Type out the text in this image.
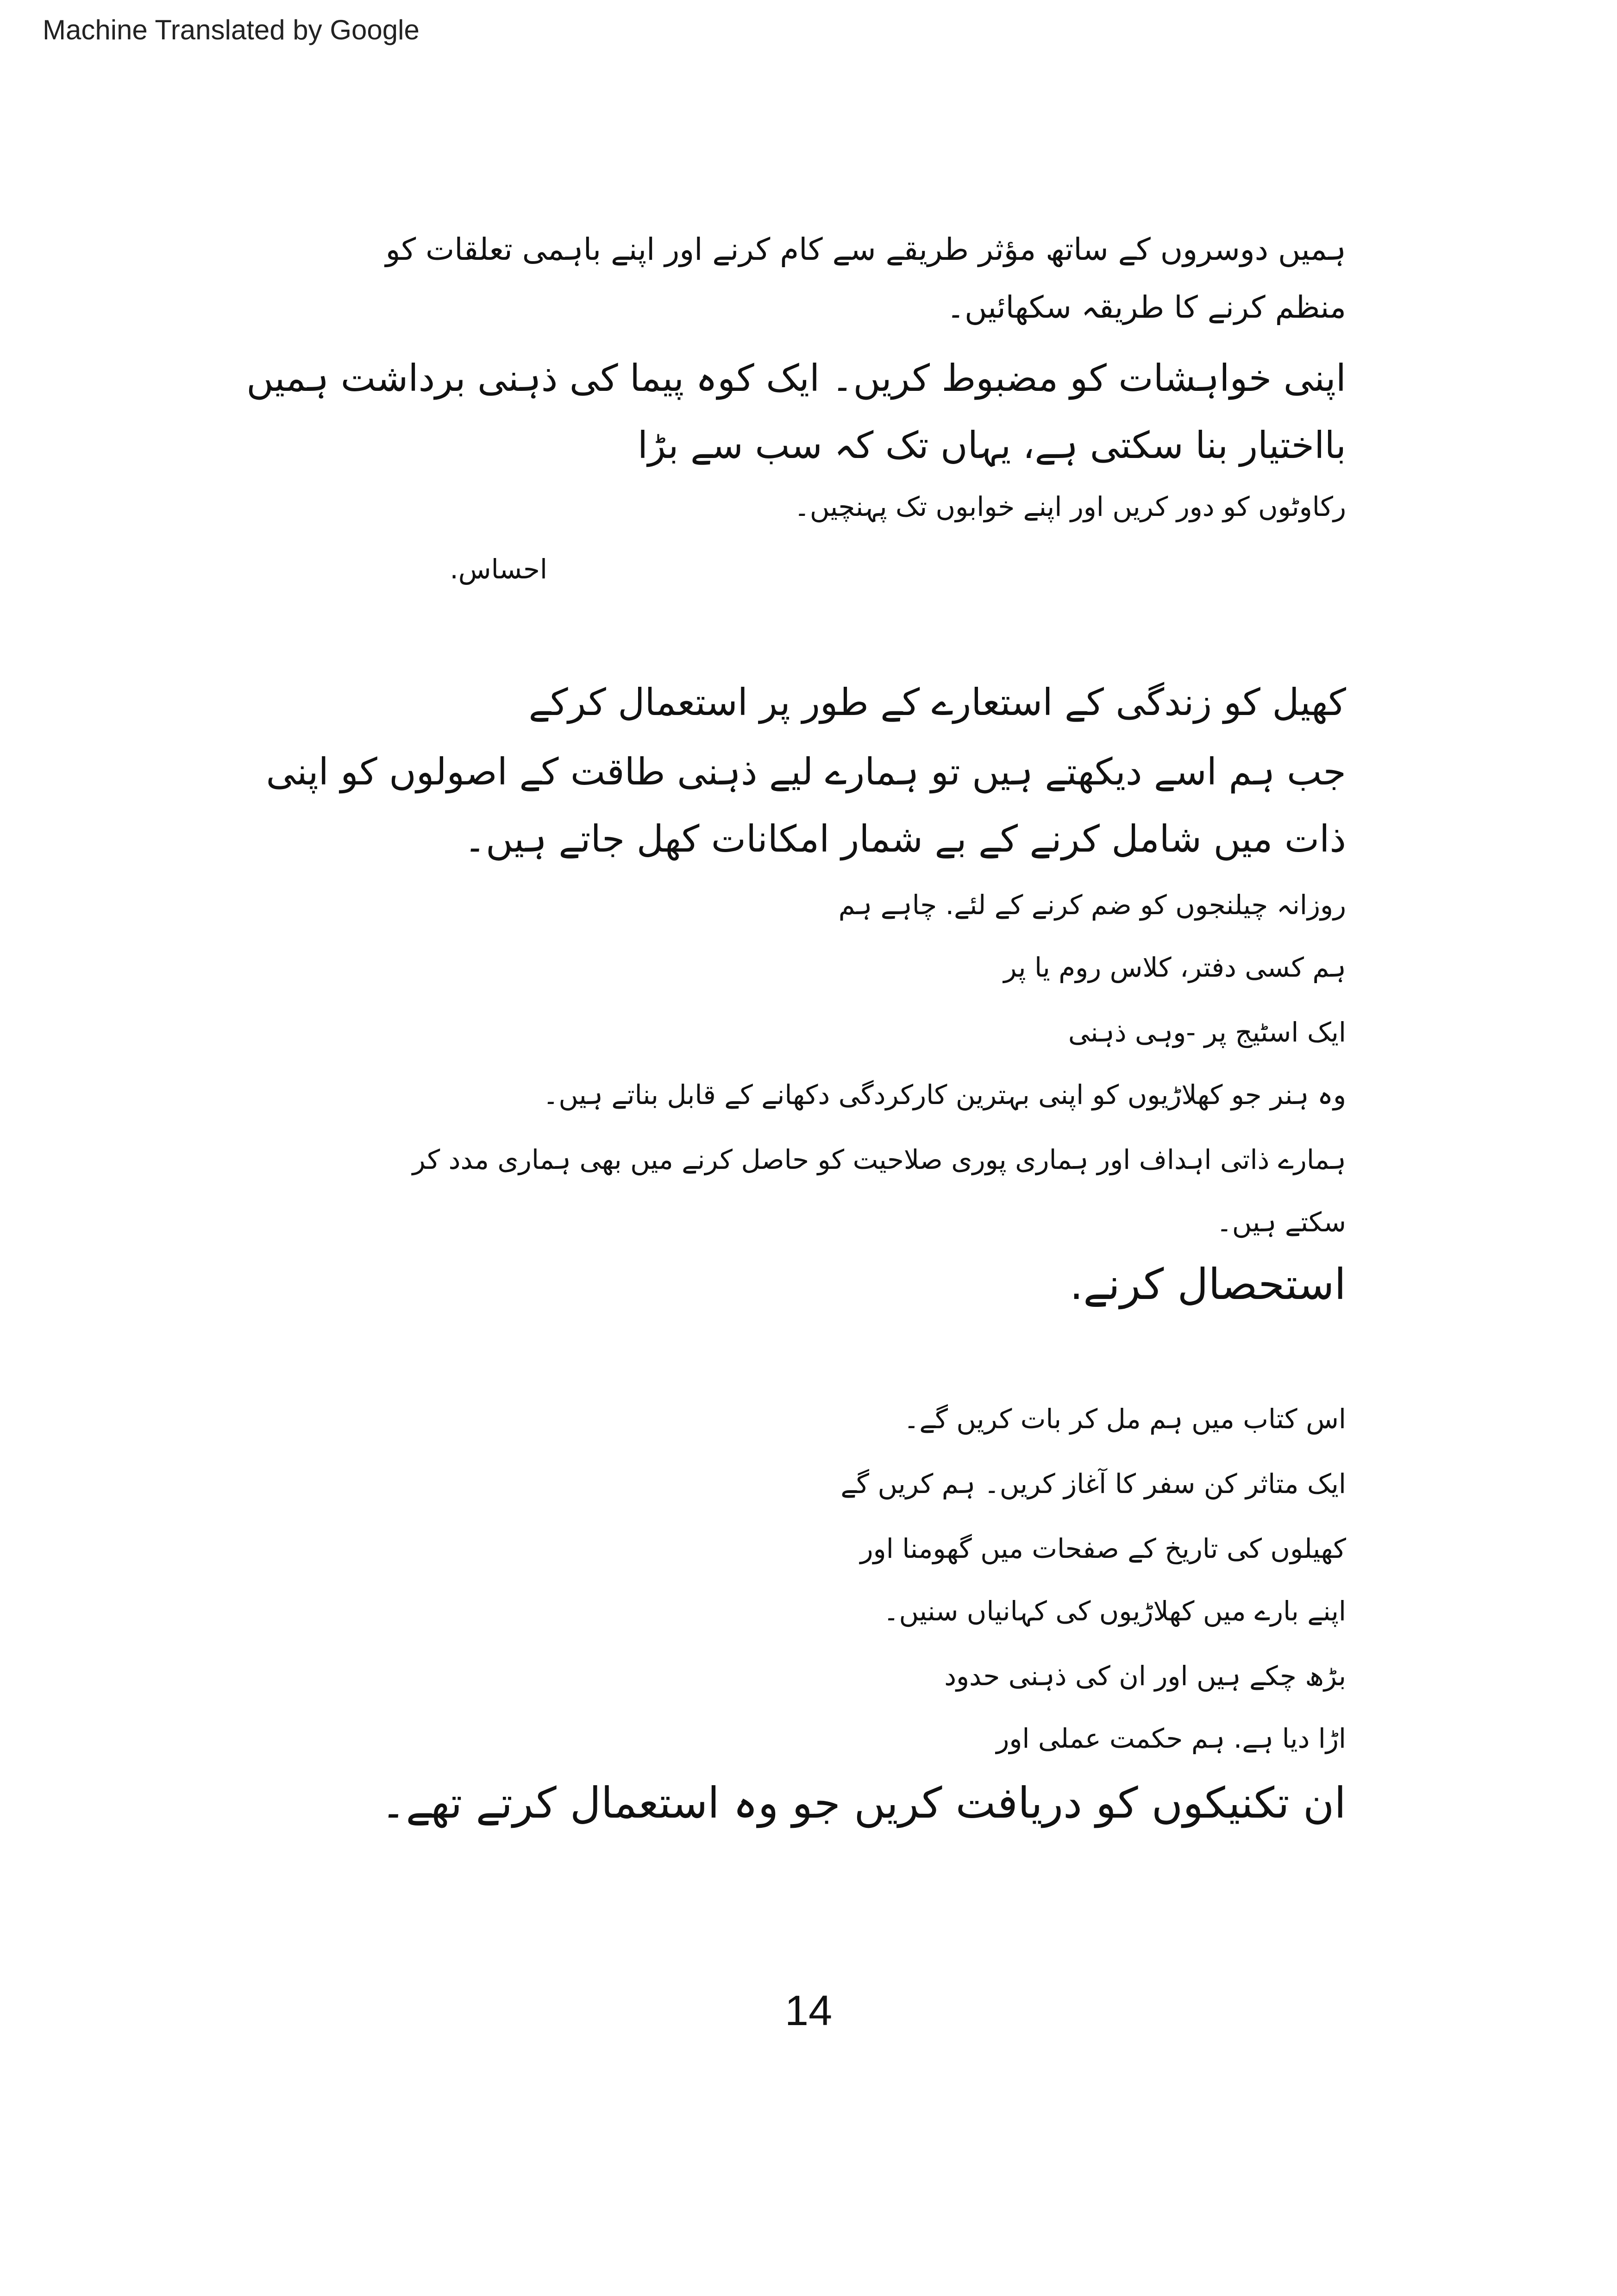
Machine Translated by Google
ہمیں دوسروں کے ساتھ مؤثر طریقے سے کام کرنے اور اپنے باہمی تعلقات کو
منظم کرنے کا طریقہ سکھائیں۔
اپنی خواہشات کو مضبوط کریں۔ ایک کوہ پیما کی ذہنی برداشت ہمیں
بااختیار بنا سکتی ہے، یہاں تک کہ سب سے بڑا
رکاوٹوں کو دور کریں اور اپنے خوابوں تک پہنچیں۔
احساس.
کھیل کو زندگی کے استعارے کے طور پر استعمال کرکے
جب ہم اسے دیکھتے ہیں تو ہمارے لیے ذہنی طاقت کے اصولوں کو اپنی
ذات میں شامل کرنے کے بے شمار امکانات کھل جاتے ہیں۔
روزانہ چیلنجوں کو ضم کرنے کے لئے. چاہے ہم
ہم کسی دفتر، کلاس روم یا پر
ایک اسٹیج پر -وہی ذہنی
وہ ہنر جو کھلاڑیوں کو اپنی بہترین کارکردگی دکھانے کے قابل بناتے ہیں۔
ہمارے ذاتی اہداف اور ہماری پوری صلاحیت کو حاصل کرنے میں بھی ہماری مدد کر
سکتے ہیں۔
استحصال کرنے.
اس کتاب میں ہم مل کر بات کریں گے۔
ایک متاثر کن سفر کا آغاز کریں۔ ہم کریں گے
کھیلوں کی تاریخ کے صفحات میں گھومنا اور
اپنے بارے میں کھلاڑیوں کی کہانیاں سنیں۔
بڑھ چکے ہیں اور ان کی ذہنی حدود
اڑا دیا ہے. ہم حکمت عملی اور
ان تکنیکوں کو دریافت کریں جو وہ استعمال کرتے تھے۔
14
